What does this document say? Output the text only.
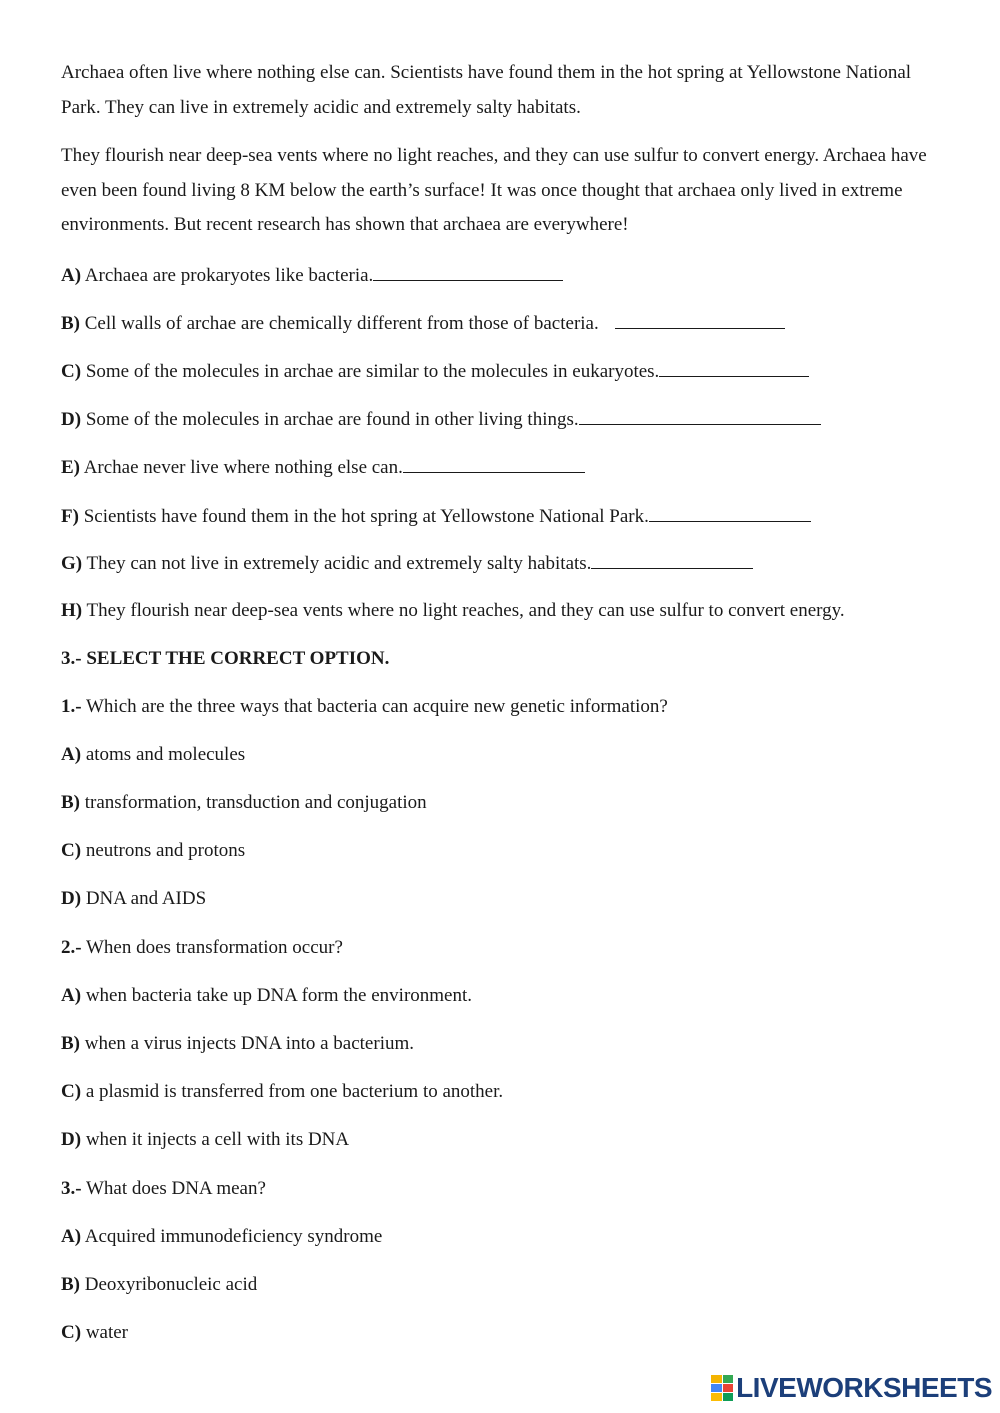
Archaea often live where nothing else can. Scientists have found them in the hot spring at Yellowstone National Park. They can live in extremely acidic and extremely salty habitats.

They flourish near deep-sea vents where no light reaches, and they can use sulfur to convert energy. Archaea have even been found living 8 KM below the earth’s surface! It was once thought that archaea only lived in extreme environments. But recent research has shown that archaea are everywhere!

A) Archaea are prokaryotes like bacteria.

B) Cell walls of archae are chemically different from those of bacteria.

C) Some of the molecules in archae are similar to the molecules in eukaryotes.

D) Some of the molecules in archae are found in other living things.

E) Archae never live where nothing else can.

F) Scientists have found them in the hot spring at Yellowstone National Park.

G) They can not live in extremely acidic and extremely salty habitats.

H) They flourish near deep-sea vents where no light reaches, and they can use sulfur to convert energy.

3.- SELECT THE CORRECT OPTION.

1.- Which are the three ways that bacteria can acquire new genetic information?

A) atoms and molecules

B) transformation, transduction and conjugation

C) neutrons and protons

D) DNA and AIDS

2.- When does transformation occur?

A) when bacteria take up DNA form the environment.

B) when a virus injects DNA into a bacterium.

C) a plasmid is transferred from one bacterium to another.

D) when it injects a cell with its DNA

3.- What does DNA mean?

A) Acquired immunodeficiency syndrome

B) Deoxyribonucleic acid

C) water

LIVEWORKSHEETS
